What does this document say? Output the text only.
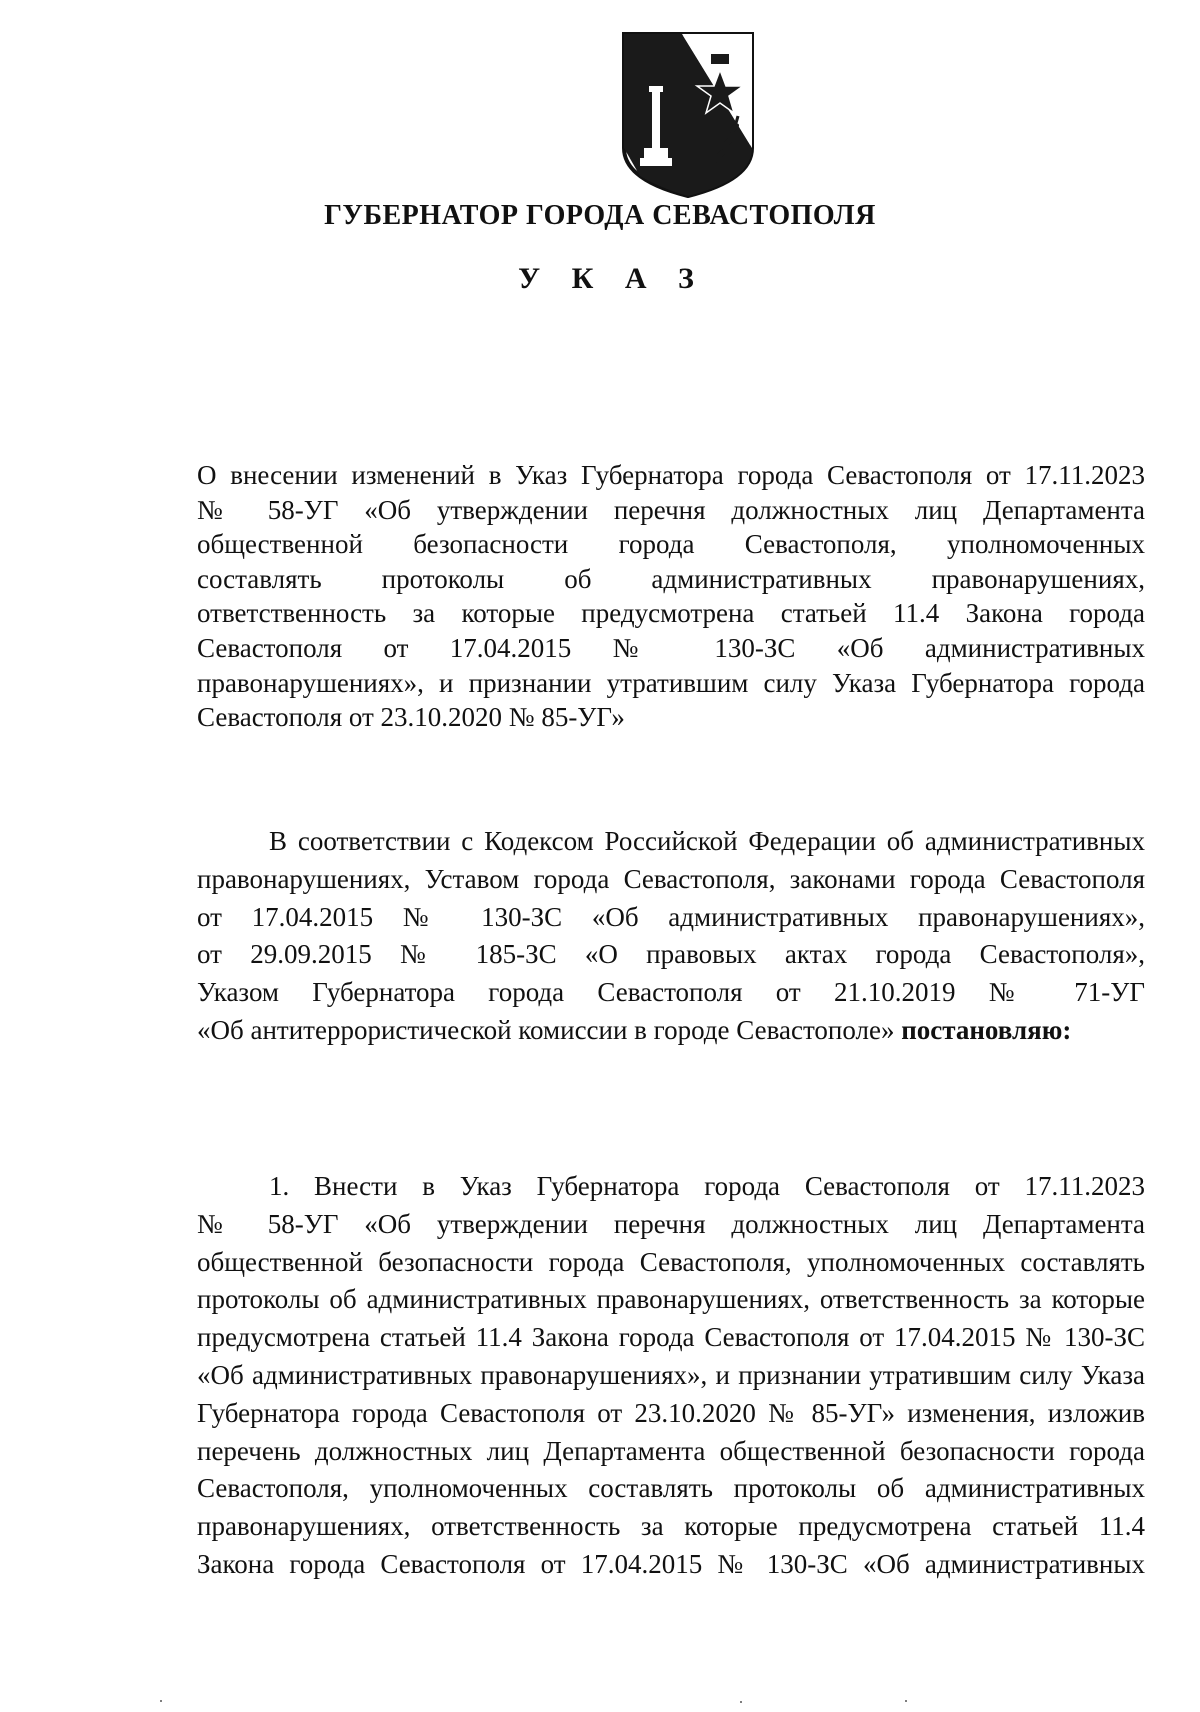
ГУБЕРНАТОР ГОРОДА СЕВАСТОПОЛЯ
У К А З
О внесении изменений в Указ Губернатора города Севастополя от 17.11.2023
№ 58-УГ «Об утверждении перечня должностных лиц Департамента
общественной безопасности города Севастополя, уполномоченных
составлять протоколы об административных правонарушениях,
ответственность за которые предусмотрена статьей 11.4 Закона города
Севастополя от 17.04.2015 № 130-ЗС «Об административных
правонарушениях», и признании утратившим силу Указа Губернатора города
Севастополя от 23.10.2020 № 85-УГ»
В соответствии с Кодексом Российской Федерации об административных
правонарушениях, Уставом города Севастополя, законами города Севастополя
от 17.04.2015 № 130-ЗС «Об административных правонарушениях»,
от 29.09.2015 № 185-ЗС «О правовых актах города Севастополя»,
Указом Губернатора города Севастополя от 21.10.2019 № 71-УГ
«Об антитеррористической комиссии в городе Севастополе» постановляю:
1. Внести в Указ Губернатора города Севастополя от 17.11.2023
№ 58-УГ «Об утверждении перечня должностных лиц Департамента
общественной безопасности города Севастополя, уполномоченных составлять
протоколы об административных правонарушениях, ответственность за которые
предусмотрена статьей 11.4 Закона города Севастополя от 17.04.2015 № 130-ЗС
«Об административных правонарушениях», и признании утратившим силу Указа
Губернатора города Севастополя от 23.10.2020 № 85-УГ» изменения, изложив
перечень должностных лиц Департамента общественной безопасности города
Севастополя, уполномоченных составлять протоколы об административных
правонарушениях, ответственность за которые предусмотрена статьей 11.4
Закона города Севастополя от 17.04.2015 № 130-ЗС «Об административных
